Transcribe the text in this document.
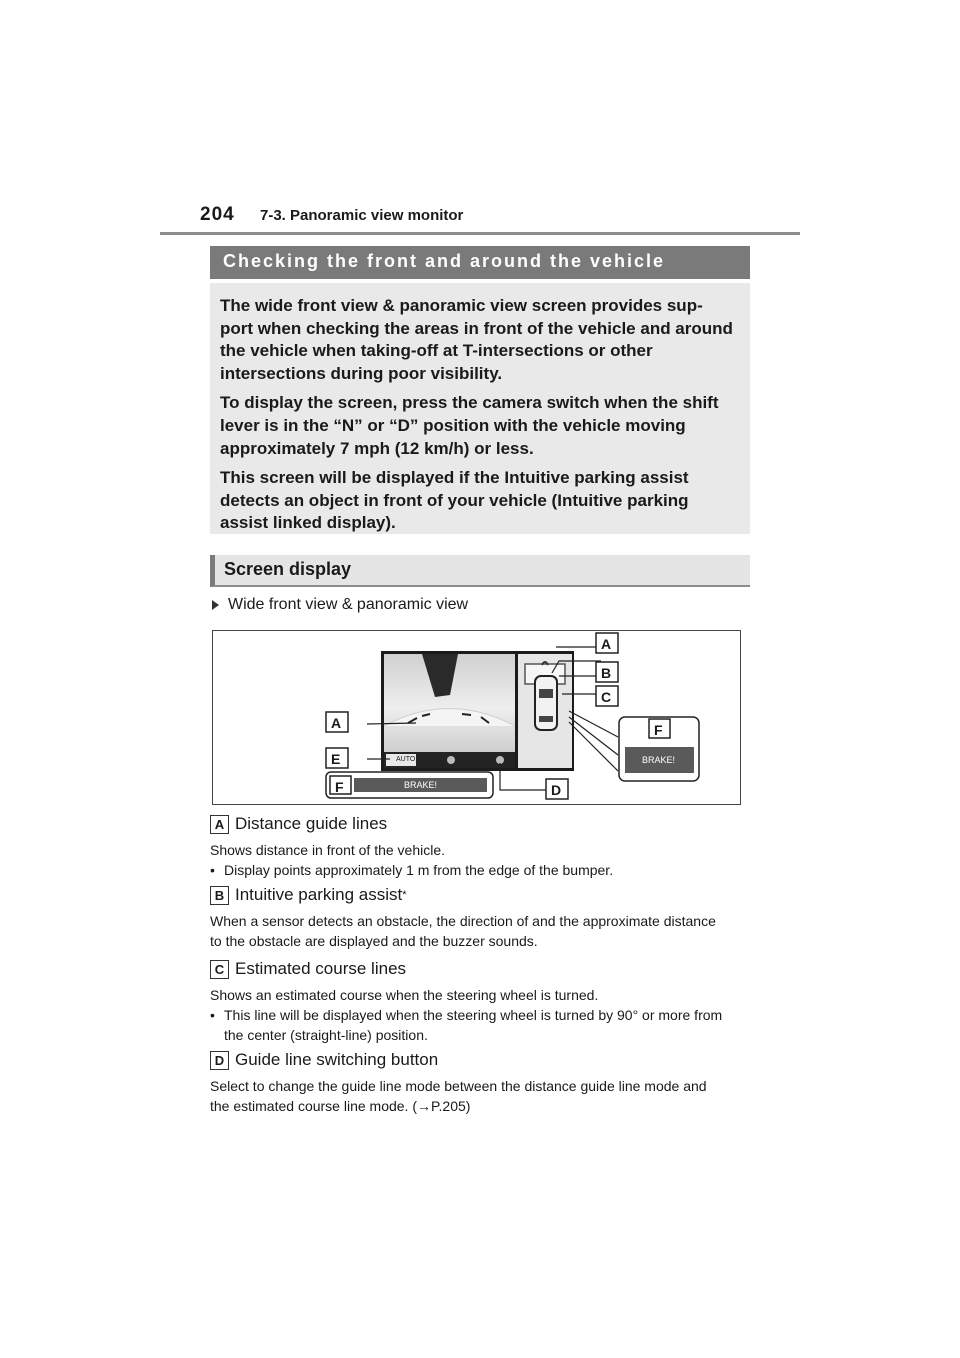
204	7-3. Panoramic view monitor
Checking the front and around the vehicle

The wide front view & panoramic view screen provides sup- port when checking the areas in front of the vehicle and around the vehicle when taking-off at T-intersections or other intersections during poor visibility.

To display the screen, press the camera switch when the shift lever is in the “N” or “D” position with the vehicle moving approximately 7 mph (12 km/h) or less.

This screen will be displayed if the Intuitive parking assist detects an object in front of your vehicle (Intuitive parking assist linked display).

Screen display
Wide front view & panoramic view
A
B
C
A
E
F	D
F
AUTO
BRAKE!
BRAKE!
A Distance guide lines
Shows distance in front of the vehicle.
• Display points approximately 1 m from the edge of the bumper.
B Intuitive parking assist *
When a sensor detects an obstacle, the direction of and the approximate distance to the obstacle are displayed and the buzzer sounds.
C Estimated course lines
Shows an estimated course when the steering wheel is turned.
• This line will be displayed when the steering wheel is turned by 90° or more from the center (straight-line) position.
D Guide line switching button
Select to change the guide line mode between the distance guide line mode and the estimated course line mode. (→P.205)
